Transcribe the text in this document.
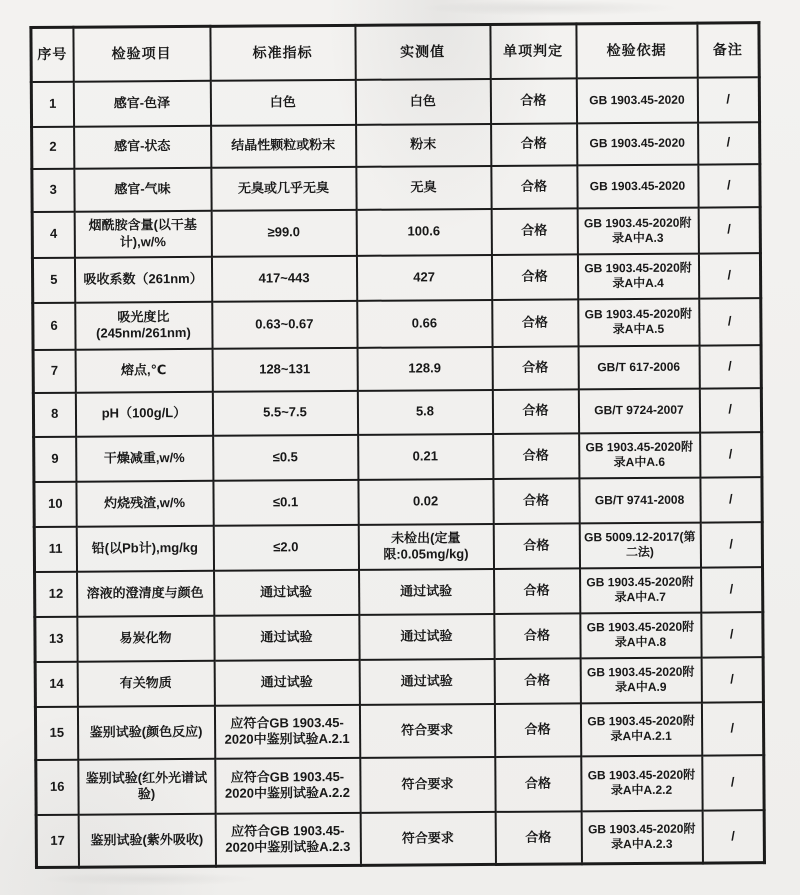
序号	检验项目	标准指标	实测值	单项判定	检验依据	备注
1	感官-色泽	白色	白色	合格	GB 1903.45-2020	/
2	感官-状态	结晶性颗粒或粉末	粉末	合格	GB 1903.45-2020	/
3	感官-气味	无臭或几乎无臭	无臭	合格	GB 1903.45-2020	/
4	烟酰胺含量(以干基计),w/%	≥99.0	100.6	合格	GB 1903.45-2020附录A中A.3	/
5	吸收系数（261nm）	417~443	427	合格	GB 1903.45-2020附录A中A.4	/
6	吸光度比 (245nm/261nm)	0.63~0.67	0.66	合格	GB 1903.45-2020附录A中A.5	/
7	熔点,℃	128~131	128.9	合格	GB/T 617-2006	/
8	pH（100g/L）	5.5~7.5	5.8	合格	GB/T 9724-2007	/
9	干燥减重,w/%	≤0.5	0.21	合格	GB 1903.45-2020附录A中A.6	/
10	灼烧残渣,w/%	≤0.1	0.02	合格	GB/T 9741-2008	/
11	铅(以Pb计),mg/kg	≤2.0	未检出(定量限:0.05mg/kg)	合格	GB 5009.12-2017(第二法)	/
12	溶液的澄清度与颜色	通过试验	通过试验	合格	GB 1903.45-2020附录A中A.7	/
13	易炭化物	通过试验	通过试验	合格	GB 1903.45-2020附录A中A.8	/
14	有关物质	通过试验	通过试验	合格	GB 1903.45-2020附录A中A.9	/
15	鉴别试验(颜色反应)	应符合GB 1903.45-2020中鉴别试验A.2.1	符合要求	合格	GB 1903.45-2020附录A中A.2.1	/
16	鉴别试验(红外光谱试验)	应符合GB 1903.45-2020中鉴别试验A.2.2	符合要求	合格	GB 1903.45-2020附录A中A.2.2	/
17	鉴别试验(紫外吸收)	应符合GB 1903.45-2020中鉴别试验A.2.3	符合要求	合格	GB 1903.45-2020附录A中A.2.3	/
